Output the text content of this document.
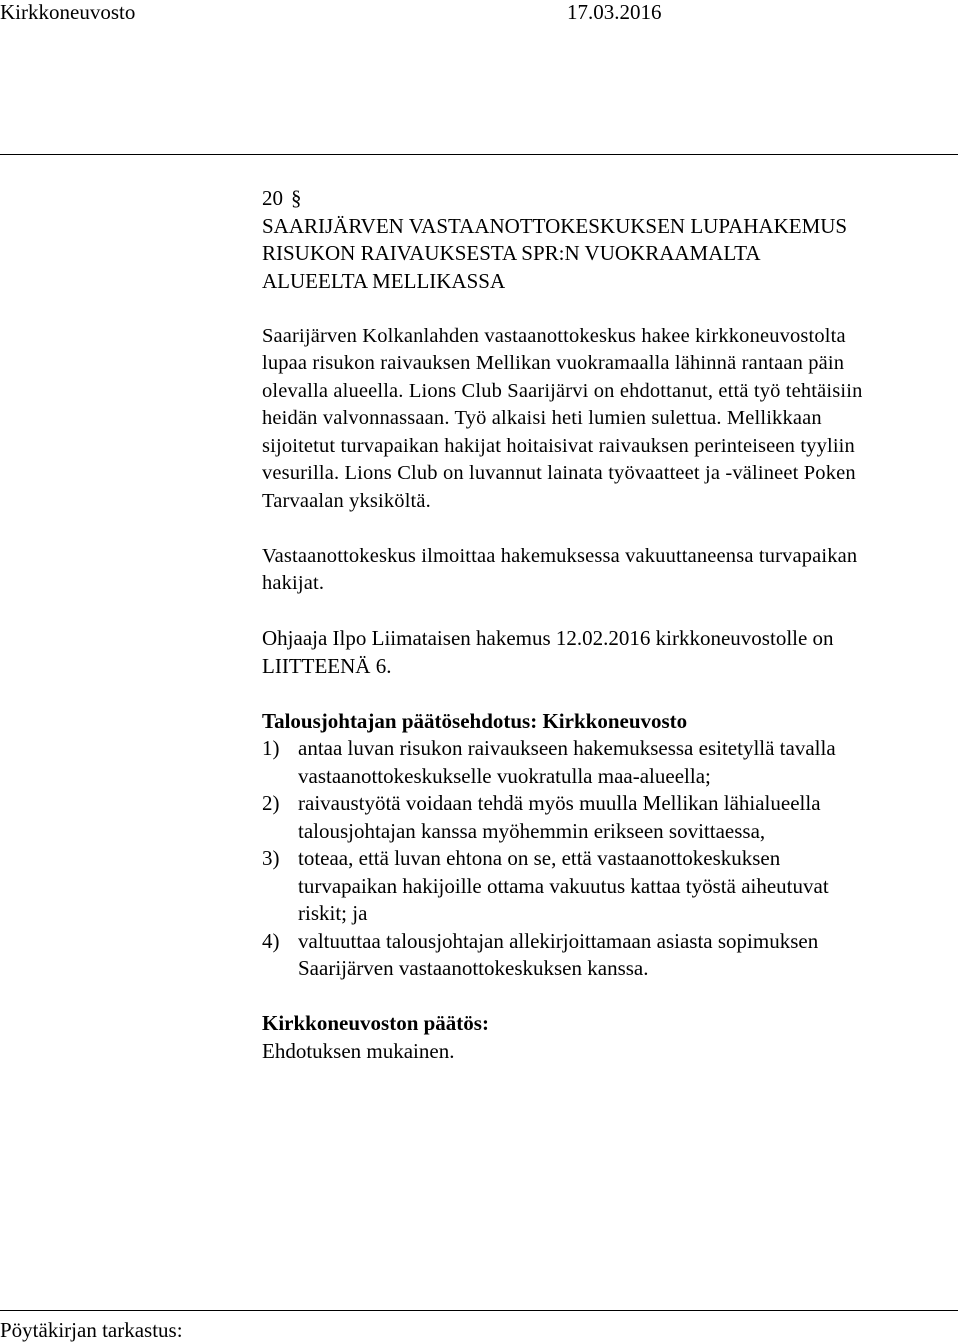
Kirkkoneuvosto	17.03.2016

20 §

SAARIJÄRVEN VASTAANOTTOKESKUKSEN LUPAHAKEMUS
RISUKON RAIVAUKSESTA SPR:N VUOKRAAMALTA
ALUEELTA MELLIKASSA

Saarijärven Kolkanlahden vastaanottokeskus hakee kirkkoneuvostolta
lupaa risukon raivauksen Mellikan vuokramaalla lähinnä rantaan päin
olevalla alueella. Lions Club Saarijärvi on ehdottanut, että työ tehtäisiin
heidän valvonnassaan. Työ alkaisi heti lumien sulettua. Mellikkaan
sijoitetut turvapaikan hakijat hoitaisivat raivauksen perinteiseen tyyliin
vesurilla. Lions Club on luvannut lainata työvaatteet ja -välineet Poken
Tarvaalan yksiköltä.

Vastaanottokeskus ilmoittaa hakemuksessa vakuuttaneensa turvapaikan
hakijat.

Ohjaaja Ilpo Liimataisen hakemus 12.02.2016 kirkkoneuvostolle on
LIITTEENÄ 6.

Talousjohtajan päätösehdotus: Kirkkoneuvosto

1) antaa luvan risukon raivaukseen hakemuksessa esitetyllä tavalla
vastaanottokeskukselle vuokratulla maa-alueella;
2) raivaustyötä voidaan tehdä myös muulla Mellikan lähialueella
talousjohtajan kanssa myöhemmin erikseen sovittaessa,
3) toteaa, että luvan ehtona on se, että vastaanottokeskuksen
turvapaikan hakijoille ottama vakuutus kattaa työstä aiheutuvat
riskit; ja
4) valtuuttaa talousjohtajan allekirjoittamaan asiasta sopimuksen
Saarijärven vastaanottokeskuksen kanssa.

Kirkkoneuvoston päätös:

Ehdotuksen mukainen.

Pöytäkirjan tarkastus:
